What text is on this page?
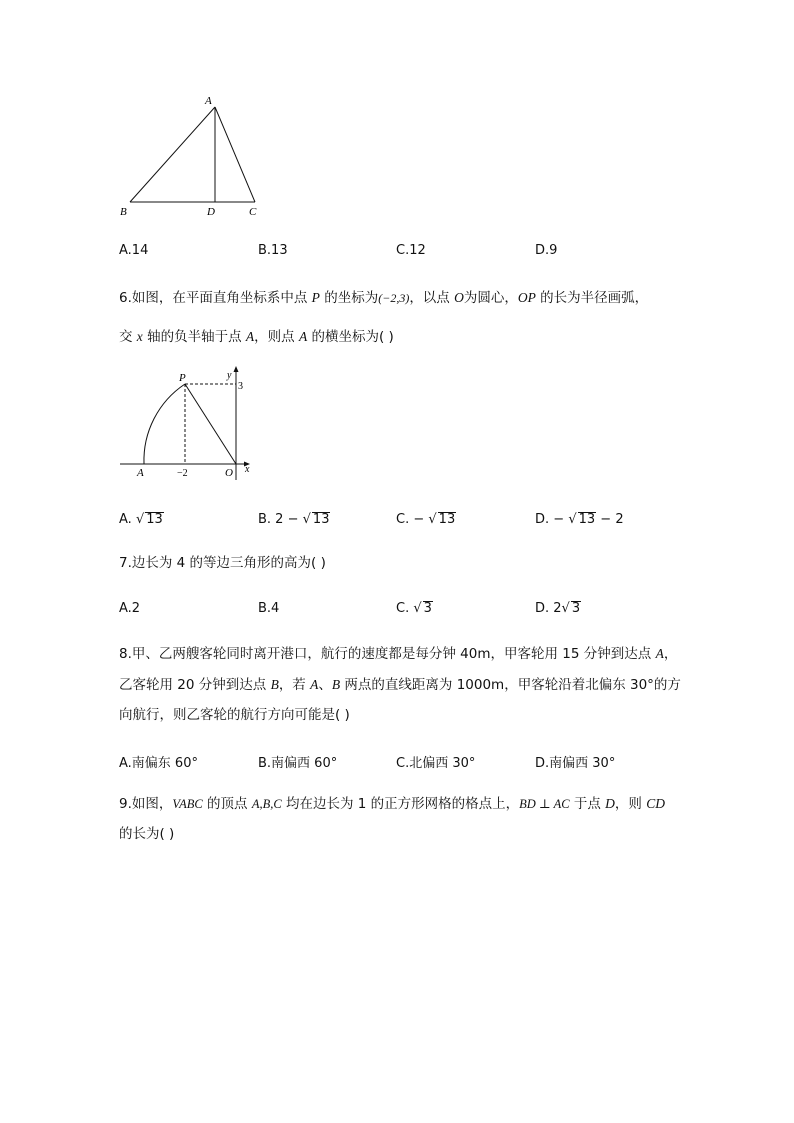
A
B	D	C
A.14	B.13	C.12	D.9
6.如图，在平面直角坐标系中点 P 的坐标为(−2,3)，以点 O为圆心，OP 的长为半径画弧，
交 x 轴的负半轴于点 A，则点 A 的横坐标为( )
P	y
3
A	−2	O x
A. √ 13	B. 2 − √ 13	C. − √ 13	D. − √ 13 − 2
7.边长为 4 的等边三角形的高为( )
A.2	B.4	C. √ 3	D. 2√ 3
8.甲、乙两艘客轮同时离开港口，航行的速度都是每分钟 40m，甲客轮用 15 分钟到达点 A，
乙客轮用 20 分钟到达点 B，若 A、B 两点的直线距离为 1000m，甲客轮沿着北偏东 30°的方
向航行，则乙客轮的航行方向可能是( )
A.南偏东 60°	B.南偏西 60°	C.北偏西 30°	D.南偏西 30°
9.如图，VABC 的顶点 A,B,C 均在边长为 1 的正方形网格的格点上，BD ⊥ AC 于点 D，则 CD
的长为( )
